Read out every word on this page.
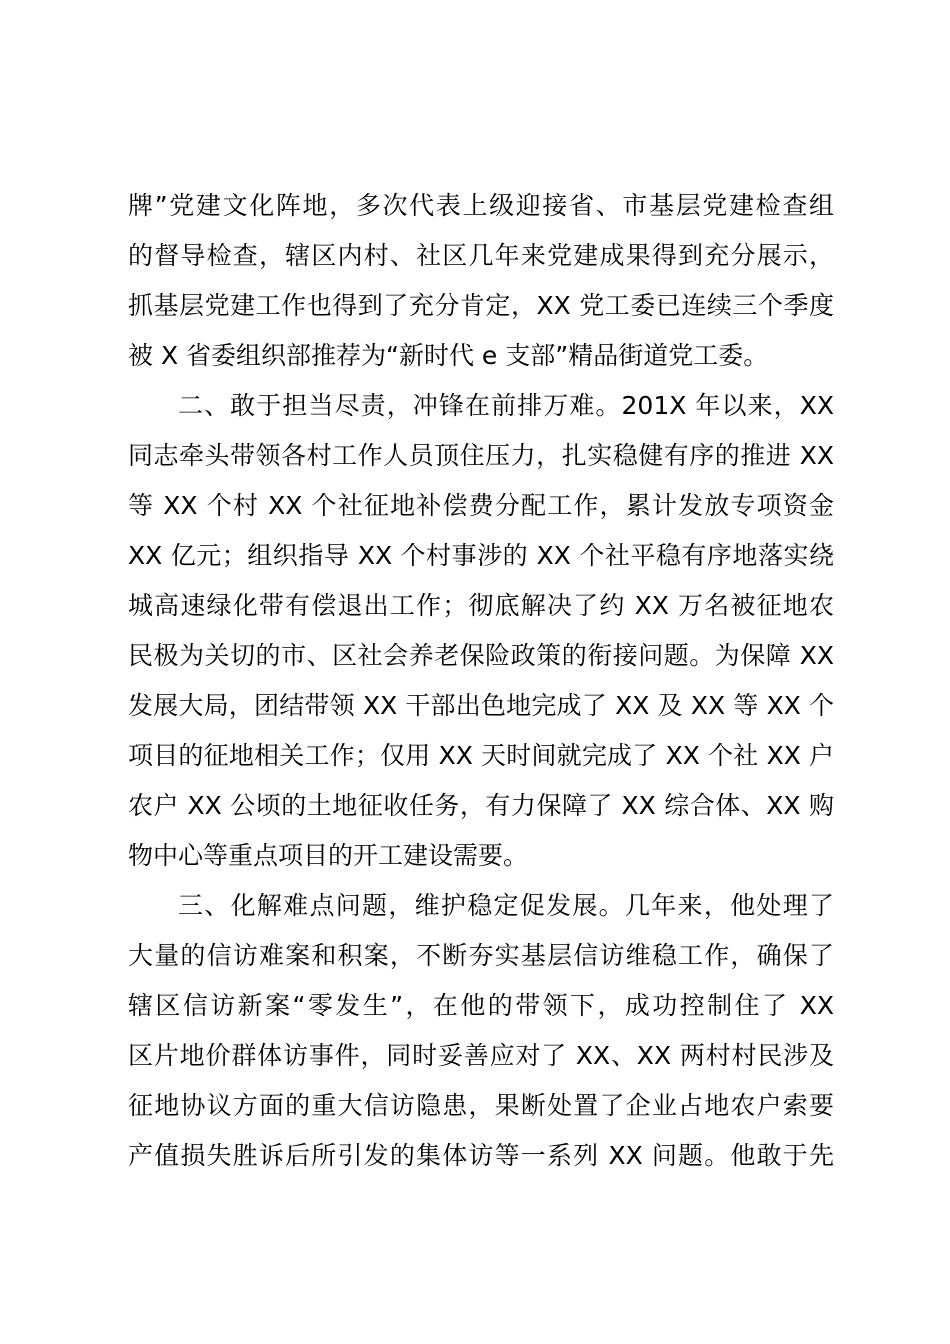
牌”党建文化阵地，多次代表上级迎接省、市基层党建检查组
的督导检查，辖区内村、社区几年来党建成果得到充分展示，
抓基层党建工作也得到了充分肯定，XX 党工委已连续三个季度
被 X 省委组织部推荐为“新时代 e 支部”精品街道党工委。
二、敢于担当尽责，冲锋在前排万难。201X 年以来，XX
同志牵头带领各村工作人员顶住压力，扎实稳健有序的推进 XX
等 XX 个村 XX 个社征地补偿费分配工作，累计发放专项资金
XX 亿元；组织指导 XX 个村事涉的 XX 个社平稳有序地落实绕
城高速绿化带有偿退出工作；彻底解决了约 XX 万名被征地农
民极为关切的市、区社会养老保险政策的衔接问题。为保障 XX
发展大局，团结带领 XX 干部出色地完成了 XX 及 XX 等 XX 个
项目的征地相关工作；仅用 XX 天时间就完成了 XX 个社 XX 户
农户 XX 公顷的土地征收任务，有力保障了 XX 综合体、XX 购
物中心等重点项目的开工建设需要。
三、化解难点问题，维护稳定促发展。几年来，他处理了
大量的信访难案和积案，不断夯实基层信访维稳工作，确保了
辖区信访新案“零发生”，在他的带领下，成功控制住了 XX
区片地价群体访事件，同时妥善应对了 XX、XX 两村村民涉及
征地协议方面的重大信访隐患，果断处置了企业占地农户索要
产值损失胜诉后所引发的集体访等一系列 XX 问题。他敢于先
